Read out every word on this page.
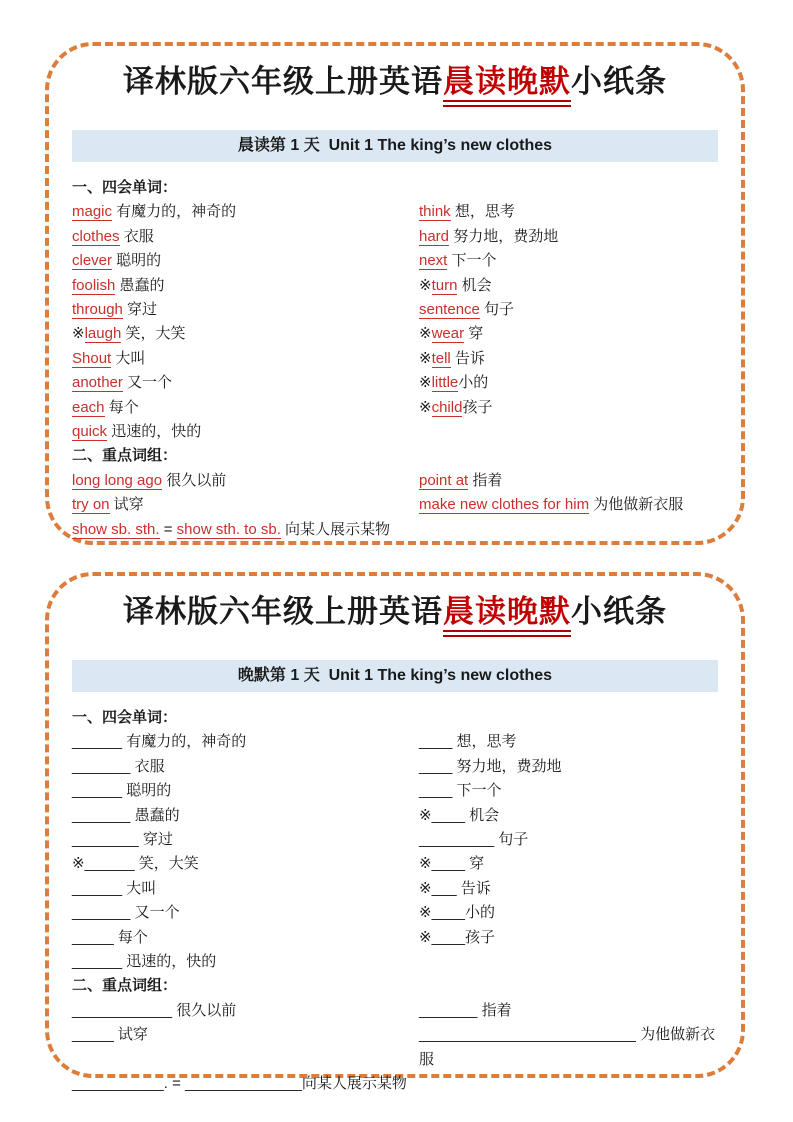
译林版六年级上册英语晨读晚默小纸条
晨读第 1 天  Unit 1 The king’s new clothes
一、四会单词：
magic 有魔力的，神奇的
clothes 衣服
clever 聪明的
foolish 愚蠢的
through 穿过
※laugh 笑，大笑
Shout 大叫
another 又一个
each 每个
quick 迅速的，快的
think 想，思考
hard 努力地，费劲地
next 下一个
※turn 机会
sentence 句子
※wear 穿
※tell 告诉
※little小的
※child孩子
二、重点词组：
long long ago 很久以前
try on 试穿
point at 指着
make new clothes for him 为他做新衣服
show sb. sth. = show sth. to sb. 向某人展示某物
译林版六年级上册英语晨读晚默小纸条
晚默第 1 天  Unit 1 The king’s new clothes
一、四会单词：
______ 有魔力的，神奇的
_______ 衣服
______ 聪明的
_______ 愚蠢的
________ 穿过
※______ 笑，大笑
______ 大叫
_______ 又一个
_____ 每个
______ 迅速的，快的
____ 想，思考
____ 努力地，费劲地
____ 下一个
※____ 机会
_________ 句子
※____ 穿
※___ 告诉
※____小的
※____孩子
二、重点词组：
____________ 很久以前
_____ 试穿
_______ 指着
__________________________ 为他做新衣服
___________. = ______________向某人展示某物
